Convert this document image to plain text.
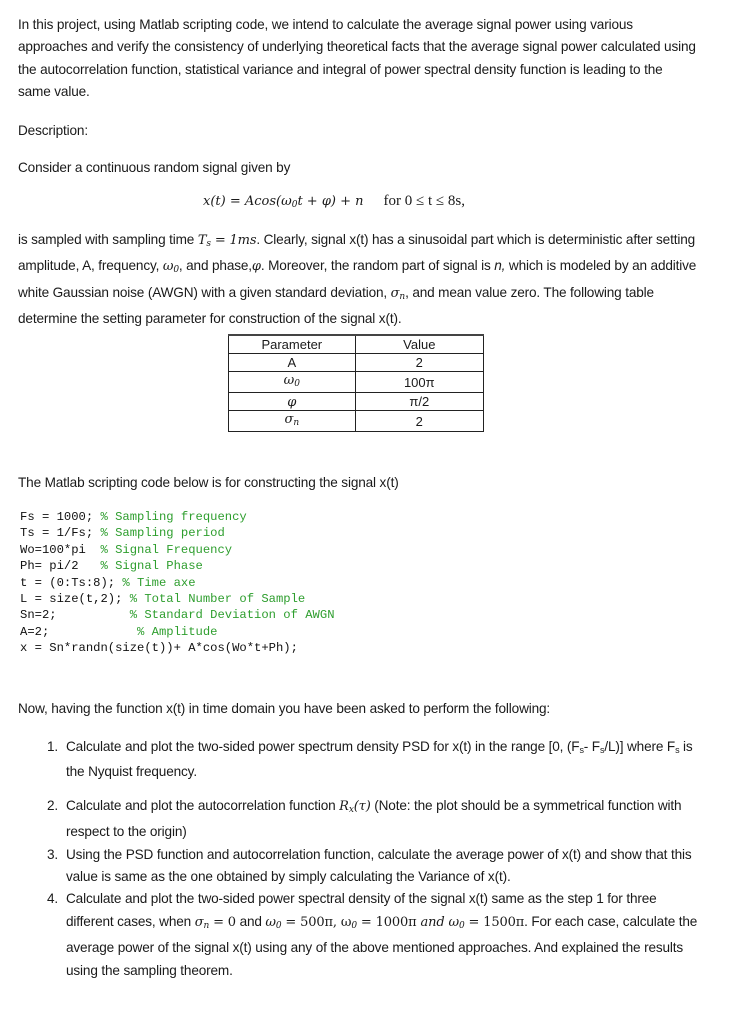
In this project, using Matlab scripting code, we intend to calculate the average signal power using various approaches and verify the consistency of underlying theoretical facts that the average signal power calculated using the autocorrelation function, statistical variance and integral of power spectral density function is leading to the same value.

Description:

Consider a continuous random signal given by

$x(t) = Acos(\omega_0t + \varphi) + n$ for 0 ≤ t ≤ 8s,

is sampled with sampling time $T_s = 1ms$. Clearly, signal x(t) has a sinusoidal part which is deterministic after setting amplitude, A, frequency, $\omega_0$, and phase,φ. Moreover, the random part of signal is n, which is modeled by an additive white Gaussian noise (AWGN) with a given standard deviation, $\sigma_n$, and mean value zero. The following table determine the setting parameter for construction of the signal x(t).

Parameter	Value
A	2
$\omega_0$	100π
φ	π/2
$\sigma_n$	2

The Matlab scripting code below is for constructing the signal x(t)

Fs = 1000; % Sampling frequency
Ts = 1/Fs; % Sampling period
Wo=100*pi  % Signal Frequency
Ph= pi/2   % Signal Phase
t = (0:Ts:8); % Time axe
L = size(t,2); % Total Number of Sample
Sn=2;          % Standard Deviation of AWGN
A=2;            % Amplitude
x = Sn*randn(size(t))+ A*cos(Wo*t+Ph);

Now, having the function x(t) in time domain you have been asked to perform the following:

1. Calculate and plot the two-sided power spectrum density PSD for x(t) in the range [0, ($F_s-$ $F_s/L$)] where $F_s$ is the Nyquist frequency.
2. Calculate and plot the autocorrelation function $R_x(\tau)$ (Note: the plot should be a symmetrical function with respect to the origin)
3. Using the PSD function and autocorrelation function, calculate the average power of x(t) and show that this value is same as the one obtained by simply calculating the Variance of x(t).
4. Calculate and plot the two-sided power spectral density of the signal x(t) same as the step 1 for three different cases, when $\sigma_n = 0$ and $\omega_0 = 500\pi$, $\omega_0 = 1000\pi$ and $\omega_0 = 1500\pi$. For each case, calculate the average power of the signal x(t) using any of the above mentioned approaches. And explained the results using the sampling theorem.
